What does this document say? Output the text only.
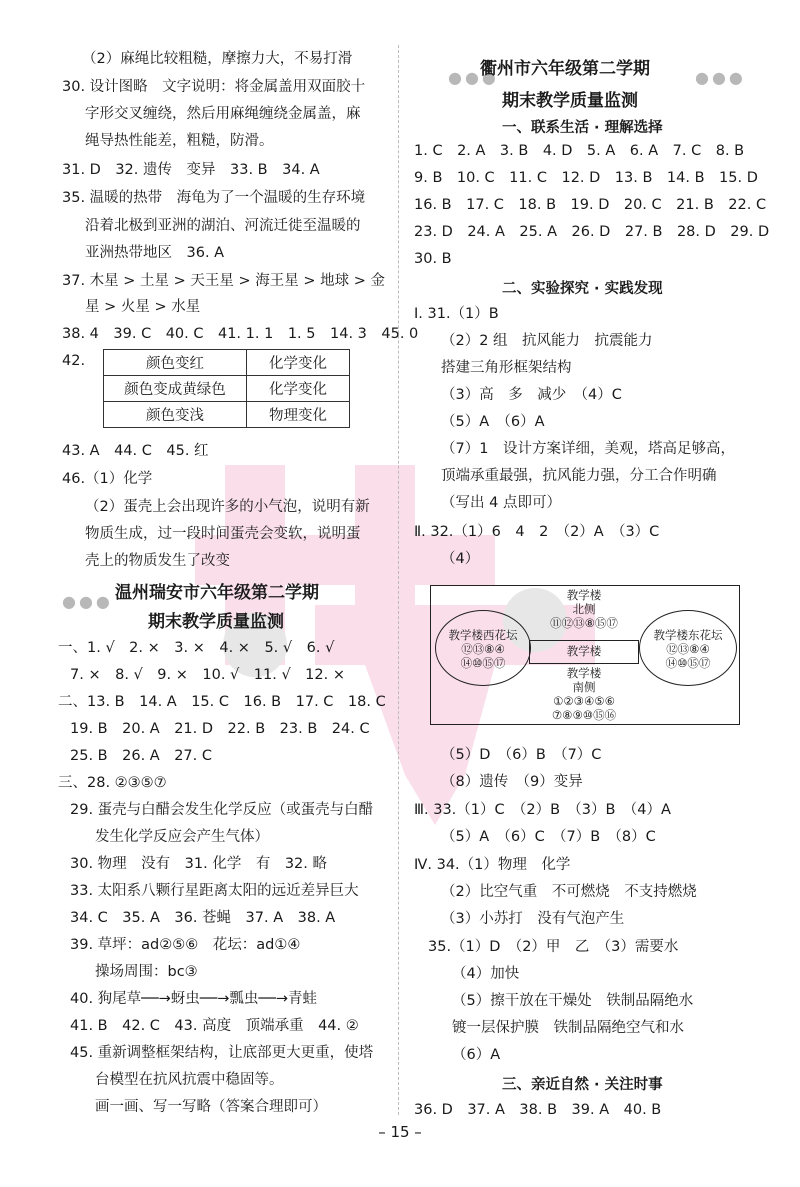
（2）麻绳比较粗糙，摩擦力大，不易打滑
30. 设计图略　文字说明：将金属盖用双面胶十
字形交叉缠绕，然后用麻绳缠绕金属盖，麻
绳导热性能差，粗糙，防滑。
31. D　32. 遗传　变异　33. B　34. A
35. 温暖的热带　海龟为了一个温暖的生存环境
沿着北极到亚洲的湖泊、河流迁徙至温暖的
亚洲热带地区　36. A
37. 木星 > 土星 > 天王星 > 海王星 > 地球 > 金
星 > 火星 > 水星
38. 4　39. C　40. C　41. 1. 1　1. 5　14. 3　45. 0
42.	颜色变红	化学变化
颜色变成黄绿色	化学变化
颜色变浅	物理变化
43. A　44. C　45. 红
46.（1）化学
（2）蛋壳上会出现许多的小气泡，说明有新
物质生成，过一段时间蛋壳会变软，说明蛋
壳上的物质发生了改变
●●● 温州瑞安市六年级第二学期
期末教学质量监测
一、1. √　2. ×　3. ×　4. ×　5. √　6. √
7. ×　8. √　9. ×　10. √　11. √　12. ×
二、13. B　14. A　15. C　16. B　17. C　18. C
19. B　20. A　21. D　22. B　23. B　24. C
25. B　26. A　27. C
三、28. ②③⑤⑦
29. 蛋壳与白醋会发生化学反应（或蛋壳与白醋
发生化学反应会产生气体）
30. 物理　没有　31. 化学　有　32. 略
33. 太阳系八颗行星距离太阳的远近差异巨大
34. C　35. A　36. 苍蝇　37. A　38. A
39. 草坪：ad②⑤⑥　花坛：ad①④
操场周围：bc③
40. 狗尾草──→蚜虫──→瓢虫──→青蛙
41. B　42. C　43. 高度　顶端承重　44. ②
45. 重新调整框架结构，让底部更大更重，使塔
台模型在抗风抗震中稳固等。
画一画、写一写略（答案合理即可）
●●●
衢州市六年级第二学期	●●●
期末教学质量监测
一、联系生活 · 理解选择
1. C　2. A　3. B　4. D　5. A　6. A　7. C　8. B
9. B　10. C　11. C　12. D　13. B　14. B　15. D
16. B　17. C　18. B　19. D　20. C　21. B　22. C
23. D　24. A　25. A　26. D　27. B　28. D　29. D
30. B
二、实验探究 · 实践发现
Ⅰ. 31.（1）B
（2）2 组　抗风能力　抗震能力
搭建三角形框架结构
（3）高　多　减少　（4）C
（5）A　（6）A
（7）1　设计方案详细，美观，塔高足够高，
顶端承重最强，抗风能力强，分工合作明确
（写出 4 点即可）
Ⅱ. 32.（1）6　4　2　（2）A　（3）C
（4）
教学楼
北侧
⑪⑫⑬⑧⑮⑰
教学楼西花坛
⑫⑬⑧④
⑭⑩⑮⑰
教学楼
教学楼东花坛
⑫⑬⑧④
⑭⑩⑮⑰
教学楼
南侧
①②③④⑤⑥
⑦⑧⑨⑩⑮⑯
（5）D　（6）B　（7）C
（8）遗传　（9）变异
Ⅲ. 33.（1）C　（2）B　（3）B　（4）A
（5）A　（6）C　（7）B　（8）C
Ⅳ. 34.（1）物理　化学
（2）比空气重　不可燃烧　不支持燃烧
（3）小苏打　没有气泡产生
35.（1）D　（2）甲　乙　（3）需要水
（4）加快
（5）擦干放在干燥处　铁制品隔绝水
镀一层保护膜　铁制品隔绝空气和水
（6）A
三、亲近自然 · 关注时事
36. D　37. A　38. B　39. A　40. B
– 15 –
